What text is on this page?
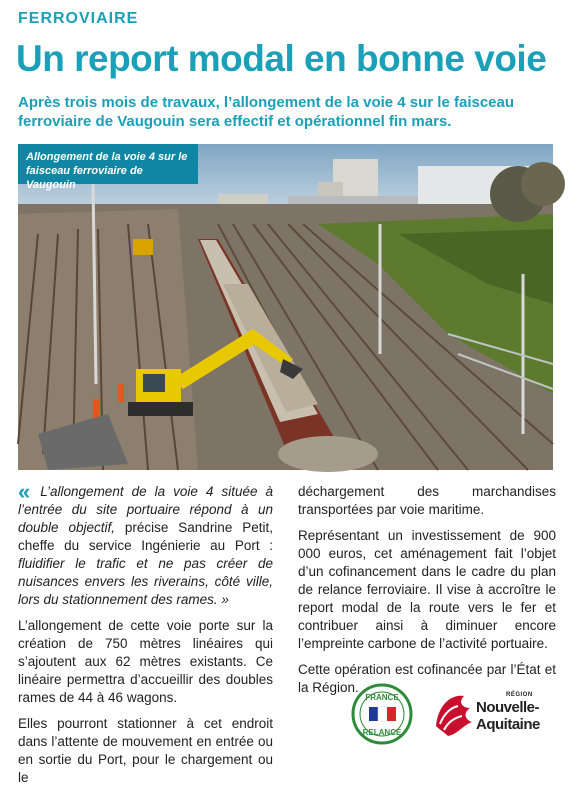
FERROVIAIRE
Un report modal en bonne voie

Après trois mois de travaux, l’allongement de la voie 4 sur le faisceau ferroviaire de Vaugouin sera effectif et opérationnel fin mars.

Allongement de la voie 4 sur le faisceau ferroviaire de Vaugouin

« L’allongement de la voie 4 située à l’entrée du site portuaire répond à un double objectif, précise Sandrine Petit, cheffe du service Ingénierie au Port : fluidifier le trafic et ne pas créer de nuisances envers les riverains, côté ville, lors du stationnement des rames. »

L’allongement de cette voie porte sur la création de 750 mètres linéaires qui s’ajoutent aux 62 mètres existants. Ce linéaire permettra d’accueillir des doubles rames de 44 à 46 wagons.

Elles pourront stationner à cet endroit dans l’attente de mouvement en entrée ou en sortie du Port, pour le chargement ou le

déchargement des marchandises transportées par voie maritime.

Représentant un investissement de 900 000 euros, cet aménagement fait l’objet d’un cofinancement dans le cadre du plan de relance ferroviaire. Il vise à accroître le report modal de la route vers le fer et contribuer ainsi à diminuer encore l’empreinte carbone de l’activité portuaire.

Cette opération est cofinancée par l’État et la Région.

FRANCE
RELANCE
RÉGION
Nouvelle-
Aquitaine
